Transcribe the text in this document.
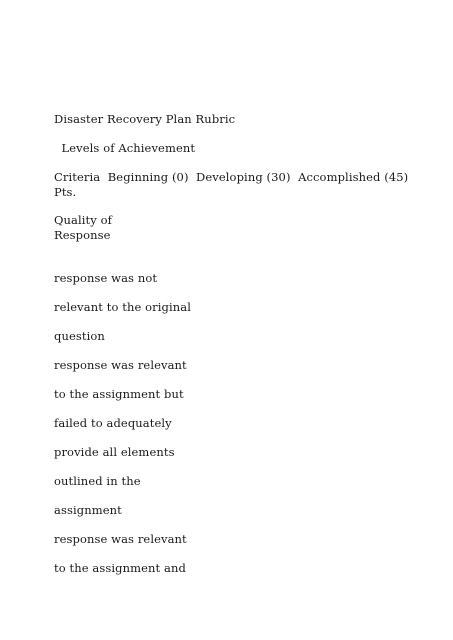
Disaster Recovery Plan Rubric
Levels of Achievement
Criteria  Beginning (0)  Developing (30)  Accomplished (45)
Pts.
Quality of
Response
response was not
relevant to the original
question
response was relevant
to the assignment but
failed to adequately
provide all elements
outlined in the
assignment
response was relevant
to the assignment and
